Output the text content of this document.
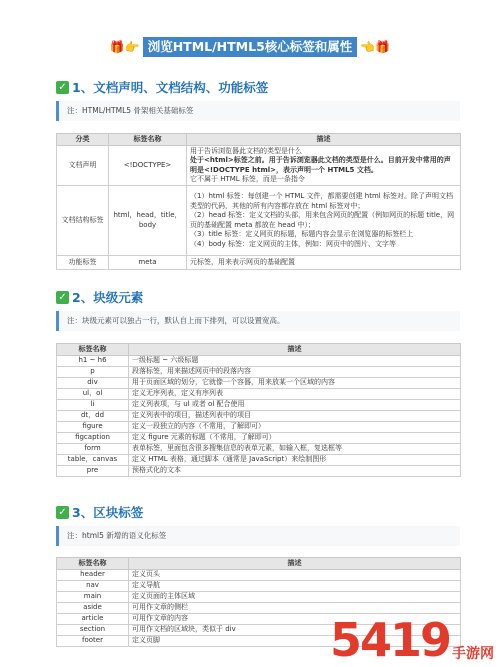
🎁👉 浏览HTML/HTML5核心标签和属性 👈🎁
✓ 1、文档声明、文档结构、功能标签
注：HTML/HTML5 骨架相关基础标签
分类	标签名称	描述
文档声明	<!DOCTYPE>	用于告诉浏览器此文档的类型是什么
处于<html>标签之前。用于告诉浏览器此文档的类型是什么。目前开发中常用的声明是<!DOCTYPE html>，表示声明一个 HTML5 文档。
它不属于 HTML 标签，而是一条指令

文档结构标签	html，head，title，body	（1）html 标签：每创建一个 HTML 文件，都需要创建 html 标签对。除了声明文档类型的代码，其他的所有内容都存放在 html 标签对中；
（2）head 标签：定义文档的头部，用来包含网页的配置（例如网页的标题 title，网页的基础配置 meta 都放在 head 中）；
（3）title 标签：定义网页的标题，标题内容会显示在浏览器的标签栏上
（4）body 标签：定义网页的主体，例如：网页中的图片、文字等

功能标签	meta	元标签，用来表示网页的基础配置
✓ 2、块级元素
注：块级元素可以独占一行，默认自上而下排列，可以设置宽高。
标签名称	描述
h1 ~ h6	一级标题 ~ 六级标题
p	段落标签，用来描述网页中的段落内容
div	用于页面区域的划分，它就像一个容器，用来放某一个区域的内容
ul，ol	定义无序列表，定义有序列表
li	定义列表项，与 ul 或者 ol 配合使用
dt，dd	定义列表中的项目，描述列表中的项目
figure	定义一段独立的内容（不常用，了解即可）
figcaption	定义 figure 元素的标题（不常用，了解即可）
form	表单标签，里面包含很多搜集信息的表单元素，如输入框，复选框等
table，canvas	定义 HTML 表格，通过脚本（通常是 JavaScript）来绘制图形
pre	预格式化的文本
✓ 3、区块标签
注：html5 新增的语义化标签
标签名称	描述
header	定义页头
nav	定义导航
main	定义页面的主体区域
aside	可用作文章的侧栏
article	可用作文章的内容
section	可用作文档的区域块，类似于 div
footer	定义页脚	5419 手游网
